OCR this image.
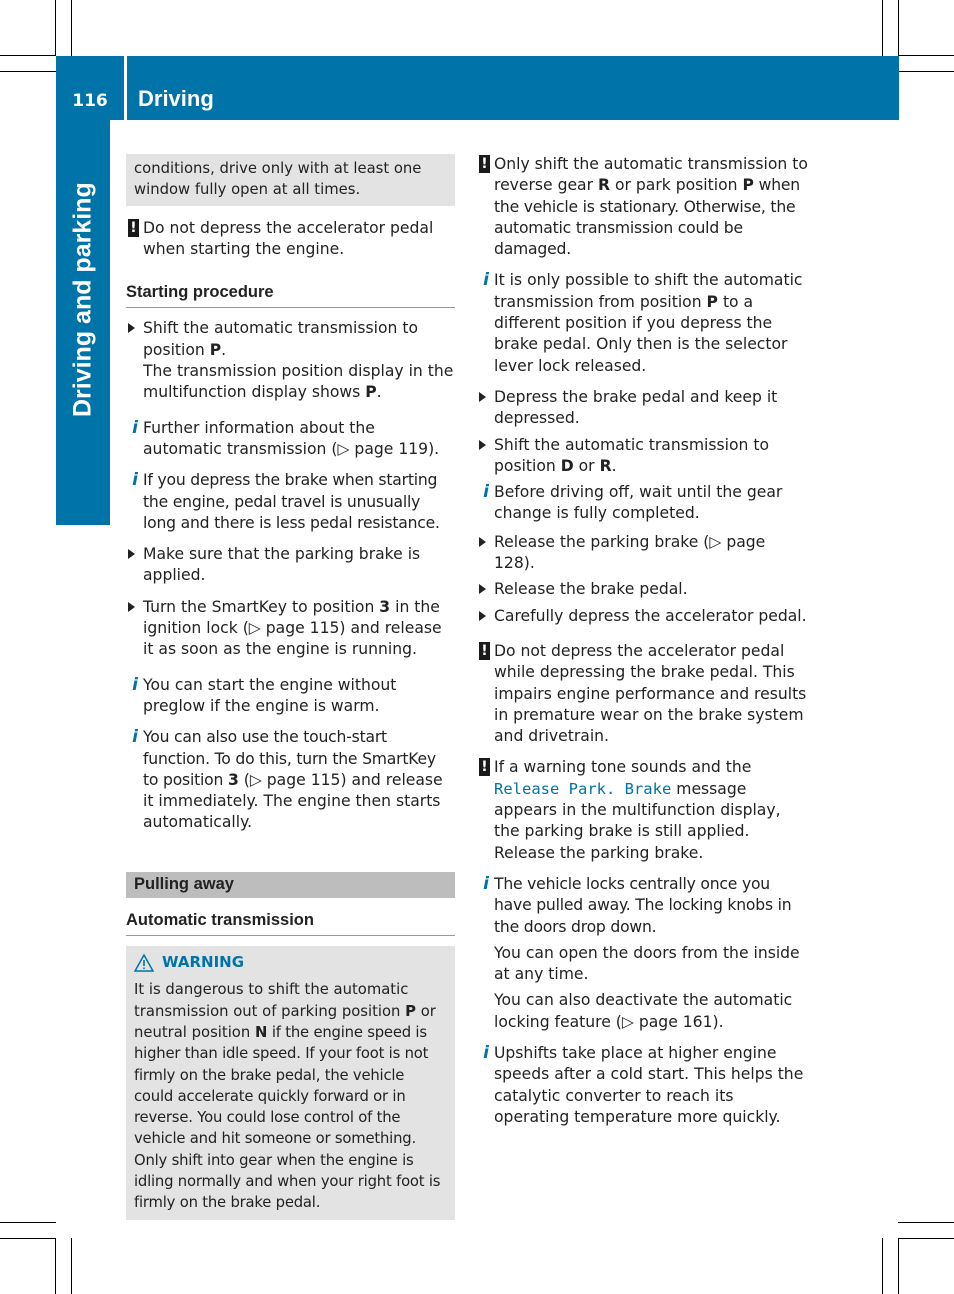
116	Driving
Driving and parking
conditions, drive only with at least one window fully open at all times.
! Do not depress the accelerator pedal when starting the engine.
Starting procedure
Shift the automatic transmission to position P.
The transmission position display in the multifunction display shows P.
i Further information about the automatic transmission (▷ page 119).
i If you depress the brake when starting the engine, pedal travel is unusually long and there is less pedal resistance.
Make sure that the parking brake is applied.
Turn the SmartKey to position 3 in the ignition lock (▷ page 115) and release it as soon as the engine is running.
i You can start the engine without preglow if the engine is warm.
i You can also use the touch-start function. To do this, turn the SmartKey to position 3 (▷ page 115) and release it immediately. The engine then starts automatically.
Pulling away
Automatic transmission
WARNING
It is dangerous to shift the automatic transmission out of parking position P or neutral position N if the engine speed is higher than idle speed. If your foot is not firmly on the brake pedal, the vehicle could accelerate quickly forward or in reverse. You could lose control of the vehicle and hit someone or something. Only shift into gear when the engine is idling normally and when your right foot is firmly on the brake pedal.
! Only shift the automatic transmission to reverse gear R or park position P when the vehicle is stationary. Otherwise, the automatic transmission could be damaged.
i It is only possible to shift the automatic transmission from position P to a different position if you depress the brake pedal. Only then is the selector lever lock released.
Depress the brake pedal and keep it depressed.
Shift the automatic transmission to position D or R.
i Before driving off, wait until the gear change is fully completed.
Release the parking brake (▷ page 128).
Release the brake pedal.
Carefully depress the accelerator pedal.
! Do not depress the accelerator pedal while depressing the brake pedal. This impairs engine performance and results in premature wear on the brake system and drivetrain.
! If a warning tone sounds and the Release Park. Brake message appears in the multifunction display, the parking brake is still applied. Release the parking brake.
i The vehicle locks centrally once you have pulled away. The locking knobs in the doors drop down.
You can open the doors from the inside at any time.
You can also deactivate the automatic locking feature (▷ page 161).
i Upshifts take place at higher engine speeds after a cold start. This helps the catalytic converter to reach its operating temperature more quickly.
